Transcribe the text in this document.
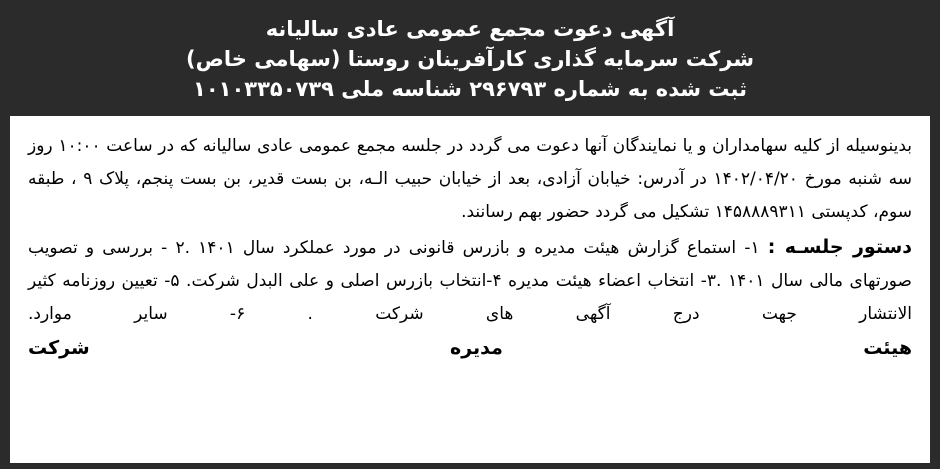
آگهی دعوت مجمع عمومی عادی سالیانه
شرکت سرمایه گذاری کارآفرینان روستا (سهامی خاص)
ثبت شده به شماره ۲۹۶۷۹۳ شناسه ملی ۱۰۱۰۳۳۵۰۷۳۹

بدینوسیله از کلیه سهامداران و یا نمایندگان آنها دعوت می گردد در جلسه مجمع عمومی عادی سالیانه که در ساعت ۱۰:۰۰ روز سه شنبه مورخ ۱۴۰۲/۰۴/۲۰ در آدرس: خیابان آزادی، بعد از خیابان حبیب الـه، بن بست قدیر، بن بست پنجم، پلاک ۹ ، طبقه سوم، کدپستی ۱۴۵۸۸۸۹۳۱۱ تشکیل می گردد حضور بهم رسانند.

دستور جلسـه : ۱- استماع گزارش هیئت مدیره و بازرس قانونی در مورد عملکرد سال ۱۴۰۱ .۲ - بررسی و تصویب صورتهای مالی سال ۱۴۰۱ .۳- انتخاب اعضاء هیئت مدیره ۴-انتخاب بازرس اصلی و علی البدل شرکت. ۵- تعیین روزنامه کثیر الانتشار جهت درج آگهی های شرکت . ۶- سایر موارد.

هیئت مدیره شرکت
